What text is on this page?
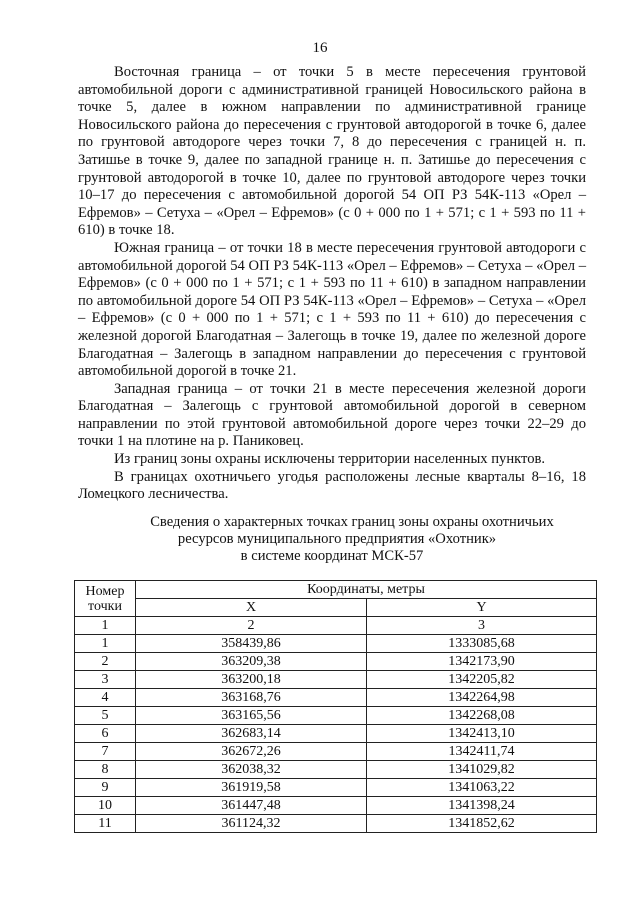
16

Восточная граница – от точки 5 в месте пересечения грунтовой автомобильной дороги с административной границей Новосильского района в точке 5, далее в южном направлении по административной границе Новосильского района до пересечения с грунтовой автодорогой в точке 6, далее по грунтовой автодороге через точки 7, 8 до пересечения с границей н. п. Затишье в точке 9, далее по западной границе н. п. Затишье до пересечения с грунтовой автодорогой в точке 10, далее по грунтовой автодороге через точки 10–17 до пересечения с автомобильной дорогой 54 ОП РЗ 54К-113 «Орел – Ефремов» – Сетуха – «Орел – Ефремов» (с 0 + 000 по 1 + 571; с 1 + 593 по 11 + 610) в точке 18.

Южная граница – от точки 18 в месте пересечения грунтовой автодороги с автомобильной дорогой 54 ОП РЗ 54К-113 «Орел – Ефремов» – Сетуха – «Орел – Ефремов» (с 0 + 000 по 1 + 571; с 1 + 593 по 11 + 610) в западном направлении по автомобильной дороге 54 ОП РЗ 54К-113 «Орел – Ефремов» – Сетуха – «Орел – Ефремов» (с 0 + 000 по 1 + 571; с 1 + 593 по 11 + 610) до пересечения с железной дорогой Благодатная – Залегощь в точке 19, далее по железной дороге Благодатная – Залегощь в западном направлении до пересечения с грунтовой автомобильной дорогой в точке 21.

Западная граница – от точки 21 в месте пересечения железной дороги Благодатная – Залегощь с грунтовой автомобильной дорогой в северном направлении по этой грунтовой автомобильной дороге через точки 22–29 до точки 1 на плотине на р. Паниковец.

Из границ зоны охраны исключены территории населенных пунктов.

В границах охотничьего угодья расположены лесные кварталы 8–16, 18 Ломецкого лесничества.

Сведения о характерных точках границ зоны охраны охотничьих
ресурсов муниципального предприятия «Охотник»
в системе координат МСК-57
Номер
точки	Координаты, метры	
	X	Y
1	2	3
1	358439,86	1333085,68
2	363209,38	1342173,90
3	363200,18	1342205,82
4	363168,76	1342264,98
5	363165,56	1342268,08
6	362683,14	1342413,10
7	362672,26	1342411,74
8	362038,32	1341029,82
9	361919,58	1341063,22
10	361447,48	1341398,24
11	361124,32	1341852,62
